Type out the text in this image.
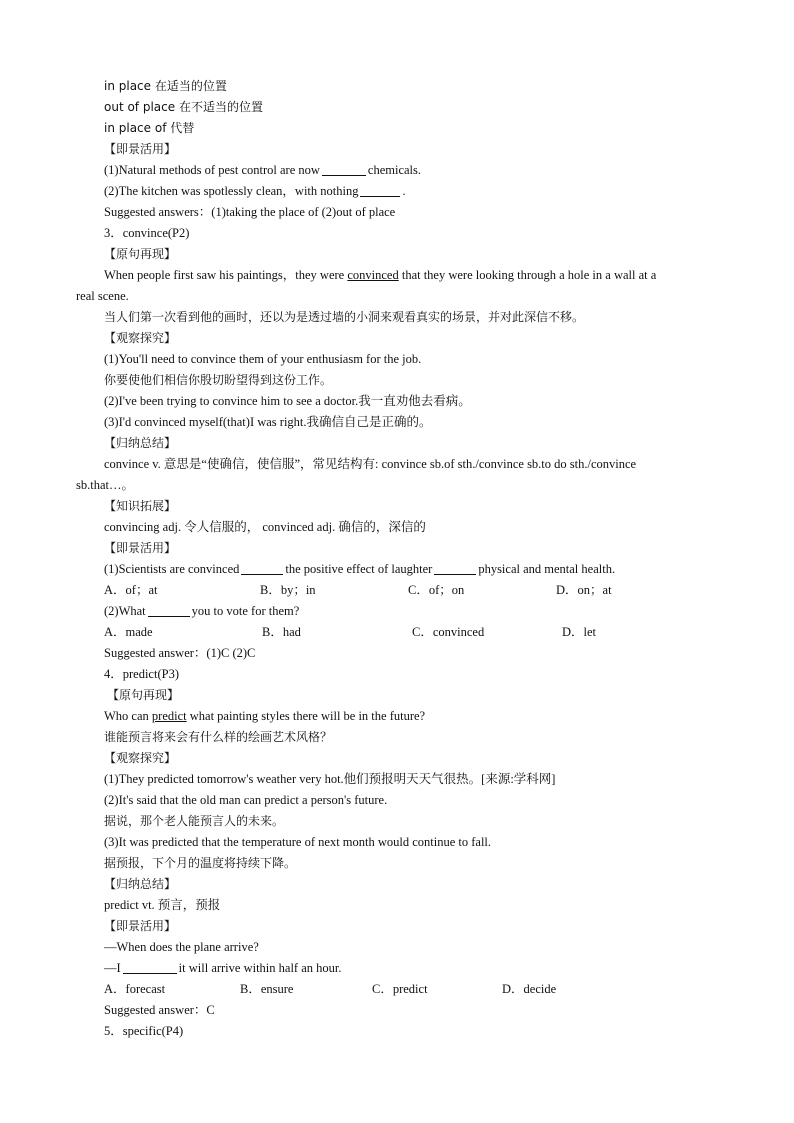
in place 在适当的位置
out of place 在不适当的位置
in place of 代替
【即景活用】
(1)Natural methods of pest control are now	chemicals.
(2)The kitchen was spotlessly clean，with nothing	.
Suggested answers：(1)taking the place of (2)out of place
3．convince(P2)
【原句再现】
When people first saw his paintings，they were convinced that they were looking through a hole in a wall at a
real scene.
当人们第一次看到他的画时，还以为是透过墙的小洞来观看真实的场景，并对此深信不移。
【观察探究】
(1)You'll need to convince them of your enthusiasm for the job.
你要使他们相信你殷切盼望得到这份工作。
(2)I've been trying to convince him to see a doctor.我一直劝他去看病。
(3)I'd convinced myself(that)I was right.我确信自己是正确的。
【归纳总结】
convince v. 意思是“使确信，使信服”，常见结构有: convince sb.of sth./convince sb.to do sth./convince
sb.that…。
【知识拓展】
convincing adj. 令人信服的， convinced adj. 确信的，深信的
【即景活用】
(1)Scientists are convinced	the positive effect of laughter	physical and mental health.
A．of；at	B．by；in	C．of；on	D．on；at
(2)What	you to vote for them?
A．made	B．had	C．convinced	D．let
Suggested answer：(1)C (2)C
4．predict(P3)
【原句再现】
Who can predict what painting styles there will be in the future?
谁能预言将来会有什么样的绘画艺术风格？
【观察探究】
(1)They predicted tomorrow's weather very hot.他们预报明天天气很热。[来源:学科网]
(2)It's said that the old man can predict a person's future.
据说，那个老人能预言人的未来。
(3)It was predicted that the temperature of next month would continue to fall.
据预报，下个月的温度将持续下降。
【归纳总结】
predict vt. 预言，预报
【即景活用】
—When does the plane arrive?
—I	it will arrive within half an hour.
A．forecast	B．ensure	C．predict	D．decide
Suggested answer：C
5．specific(P4)
